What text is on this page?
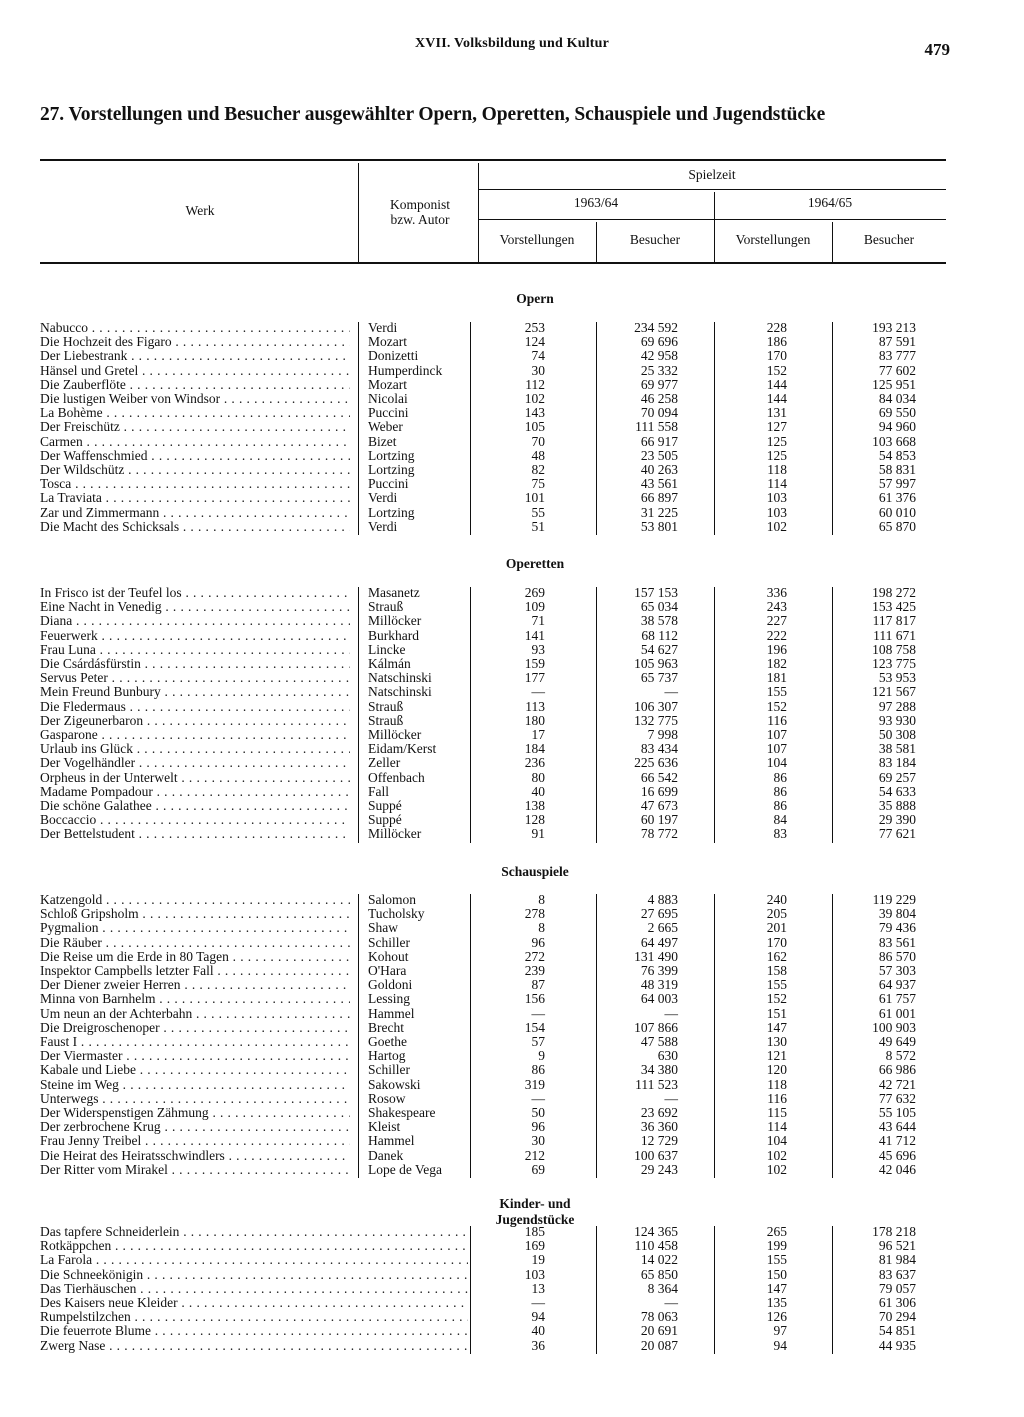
XVII. Volksbildung und Kultur	479
27. Vorstellungen und Besucher ausgewählter Opern, Operetten, Schauspiele und Jugendstücke
Werk	Komponist
bzw. Autor
Spielzeit
1963/64	1964/65
Vorstellungen	Besucher	Vorstellungen	Besucher
Opern
Nabucco . . .	Verdi	253	234 592	228	193 213
Die Hochzeit des Figaro . . .	Mozart	124	69 696	186	87 591
Der Liebestrank . . .	Donizetti	74	42 958	170	83 777
Hänsel und Gretel . . .	Humperdinck	30	25 332	152	77 602
Die Zauberflöte . . .	Mozart	112	69 977	144	125 951
Die lustigen Weiber von Windsor . . .	Nicolai	102	46 258	144	84 034
La Bohème . . .	Puccini	143	70 094	131	69 550
Der Freischütz . . .	Weber	105	111 558	127	94 960
Carmen . . .	Bizet	70	66 917	125	103 668
Der Waffenschmied . . .	Lortzing	48	23 505	125	54 853
Der Wildschütz . . .	Lortzing	82	40 263	118	58 831
Tosca . . .	Puccini	75	43 561	114	57 997
La Traviata . . .	Verdi	101	66 897	103	61 376
Zar und Zimmermann . . .	Lortzing	55	31 225	103	60 010
Die Macht des Schicksals . . .	Verdi	51	53 801	102	65 870
Operetten
In Frisco ist der Teufel los . . .	Masanetz	269	157 153	336	198 272
Eine Nacht in Venedig . . .	Strauß	109	65 034	243	153 425
Diana . . .	Millöcker	71	38 578	227	117 817
Feuerwerk . . .	Burkhard	141	68 112	222	111 671
Frau Luna . . .	Lincke	93	54 627	196	108 758
Die Csárdásfürstin . . .	Kálmán	159	105 963	182	123 775
Servus Peter . . .	Natschinski	177	65 737	181	53 953
Mein Freund Bunbury . . .	Natschinski	—	—	155	121 567
Die Fledermaus . . .	Strauß	113	106 307	152	97 288
Der Zigeunerbaron . . .	Strauß	180	132 775	116	93 930
Gasparone . . .	Millöcker	17	7 998	107	50 308
Urlaub ins Glück . . .	Eidam/Kerst	184	83 434	107	38 581
Der Vogelhändler . . .	Zeller	236	225 636	104	83 184
Orpheus in der Unterwelt . . .	Offenbach	80	66 542	86	69 257
Madame Pompadour . . .	Fall	40	16 699	86	54 633
Die schöne Galathee . . .	Suppé	138	47 673	86	35 888
Boccaccio . . .	Suppé	128	60 197	84	29 390
Der Bettelstudent . . .	Millöcker	91	78 772	83	77 621
Schauspiele
Katzengold . . .	Salomon	8	4 883	240	119 229
Schloß Gripsholm . . .	Tucholsky	278	27 695	205	39 804
Pygmalion . . .	Shaw	8	2 665	201	79 436
Die Räuber . . .	Schiller	96	64 497	170	83 561
Die Reise um die Erde in 80 Tagen . . .	Kohout	272	131 490	162	86 570
Inspektor Campbells letzter Fall . . .	O'Hara	239	76 399	158	57 303
Der Diener zweier Herren . . .	Goldoni	87	48 319	155	64 937
Minna von Barnhelm . . .	Lessing	156	64 003	152	61 757
Um neun an der Achterbahn . . .	Hammel	—	—	151	61 001
Die Dreigroschenoper . . .	Brecht	154	107 866	147	100 903
Faust I . . .	Goethe	57	47 588	130	49 649
Der Viermaster . . .	Hartog	9	630	121	8 572
Kabale und Liebe . . .	Schiller	86	34 380	120	66 986
Steine im Weg . . .	Sakowski	319	111 523	118	42 721
Unterwegs . . .	Rosow	—	—	116	77 632
Der Widerspenstigen Zähmung . . .	Shakespeare	50	23 692	115	55 105
Der zerbrochene Krug . . .	Kleist	96	36 360	114	43 644
Frau Jenny Treibel . . .	Hammel	30	12 729	104	41 712
Die Heirat des Heiratsschwindlers . . .	Danek	212	100 637	102	45 696
Der Ritter vom Mirakel . . .	Lope de Vega	69	29 243	102	42 046
Kinder- und Jugendstücke
Das tapfere Schneiderlein . . .	185	124 365	265	178 218
Rotkäppchen . . .	169	110 458	199	96 521
La Farola . . .	19	14 022	155	81 984
Die Schneekönigin . . .	103	65 850	150	83 637
Das Tierhäuschen . . .	13	8 364	147	79 057
Des Kaisers neue Kleider . . .	—	—	135	61 306
Rumpelstilzchen . . .	94	78 063	126	70 294
Die feuerrote Blume . . .	40	20 691	97	54 851
Zwerg Nase . . .	36	20 087	94	44 935
